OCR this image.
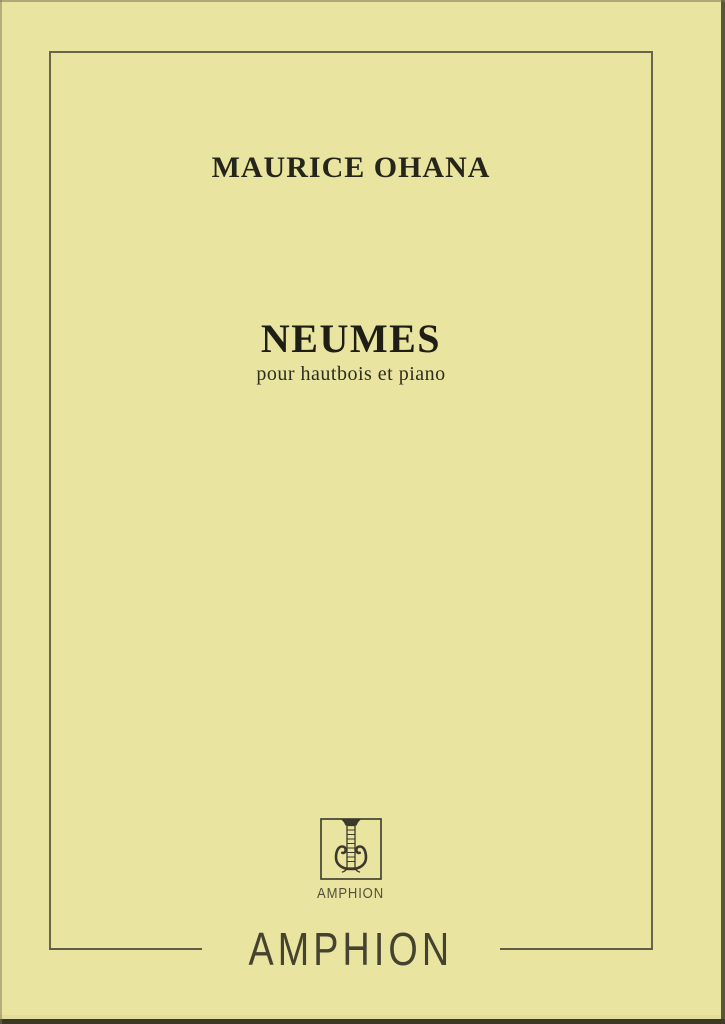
MAURICE OHANA
NEUMES
pour hautbois et piano
AMPHION
AMPHION
